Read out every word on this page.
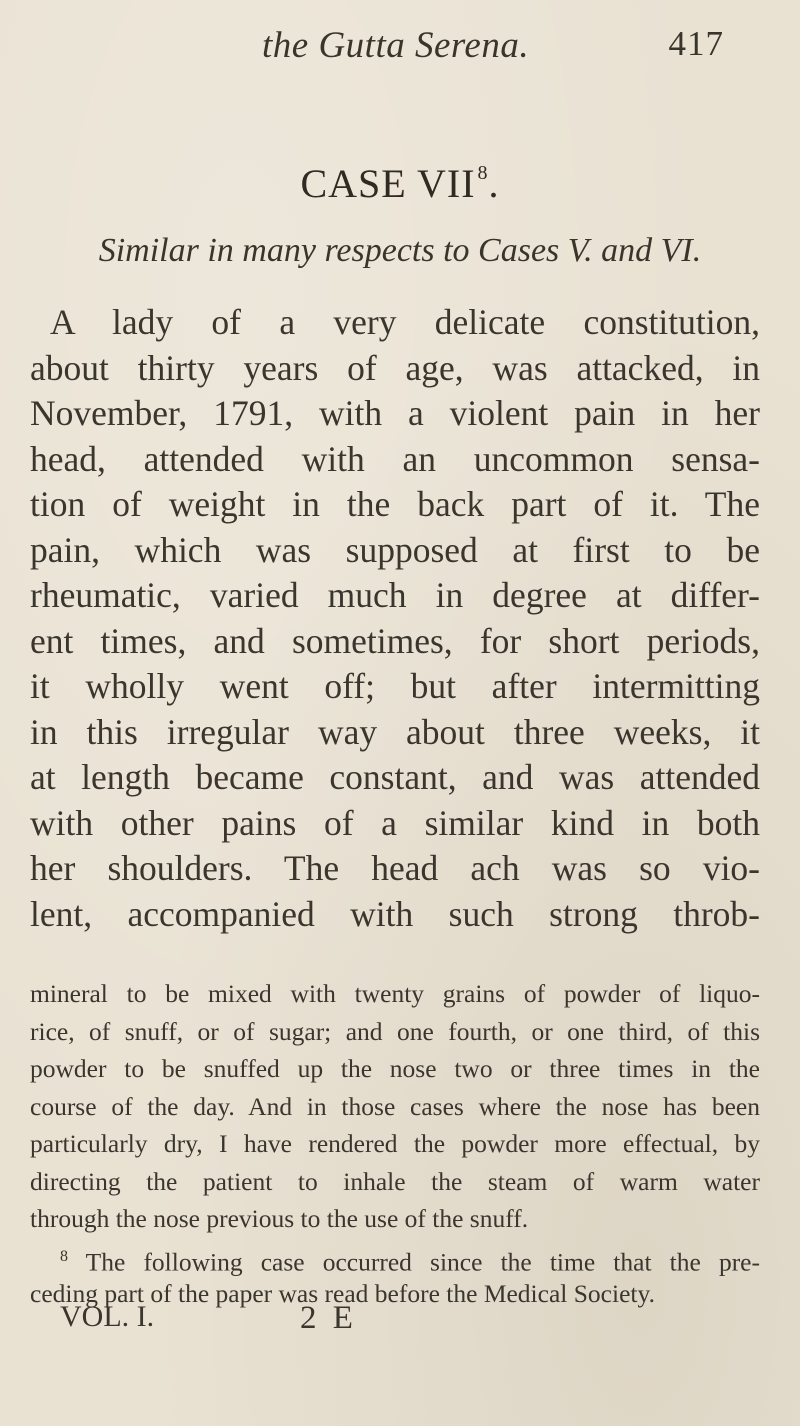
the Gutta Serena.	417
CASE VII $^8$.
Similar in many respects to Cases V. and VI.
A lady of a very delicate constitution,
about thirty years of age, was attacked, in
November, 1791, with a violent pain in her
head, attended with an uncommon sensa-
tion of weight in the back part of it. The
pain, which was supposed at first to be
rheumatic, varied much in degree at differ-
ent times, and sometimes, for short periods,
it wholly went off; but after intermitting
in this irregular way about three weeks, it
at length became constant, and was attended
with other pains of a similar kind in both
her shoulders. The head ach was so vio-
lent, accompanied with such strong throb-
mineral to be mixed with twenty grains of powder of liquo-
rice, of snuff, or of sugar; and one fourth, or one third, of this
powder to be snuffed up the nose two or three times in the
course of the day. And in those cases where the nose has been
particularly dry, I have rendered the powder more effectual, by
directing the patient to inhale the steam of warm water
through the nose previous to the use of the snuff.
$^8$ The following case occurred since the time that the pre-
ceding part of the paper was read before the Medical Society.
VOL. I.	2 E
